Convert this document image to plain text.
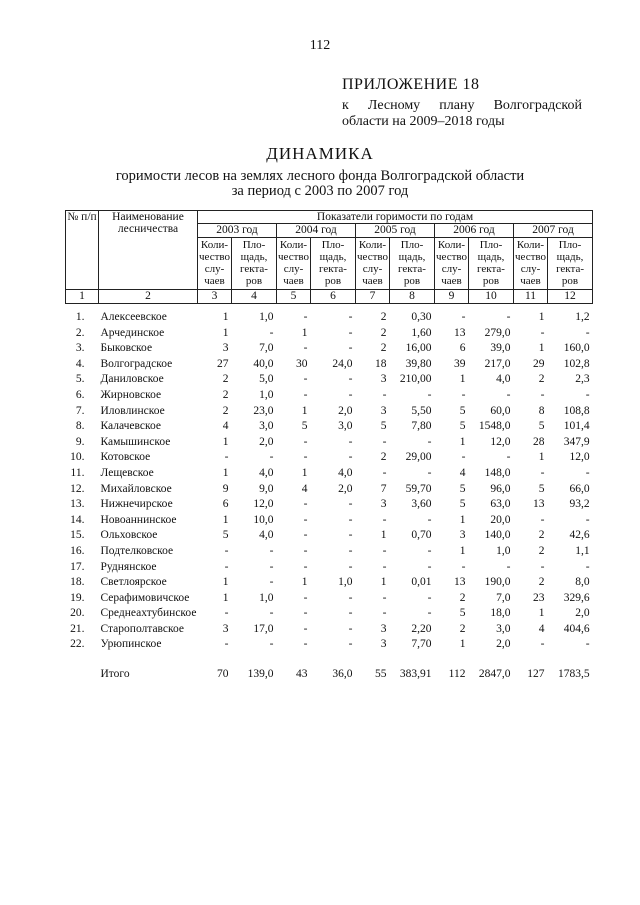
112
ПРИЛОЖЕНИЕ 18
к Лесному плану Волгоградской
области на 2009–2018 годы
ДИНАМИКА
горимости лесов на землях лесного фонда Волгоградской области
за период с 2003 по 2007 год
№ п/п	Наименование лесничества	Показатели горимости по годам									
		2003 год		2004 год		2005 год		2006 год		2007 год	
		Коли-чество слу-чаев	Пло-щадь, гекта-ров	Коли-чество слу-чаев	Пло-щадь, гекта-ров	Коли-чество слу-чаев	Пло-щадь, гекта-ров	Коли-чество слу-чаев	Пло-щадь, гекта-ров	Коли-чество слу-чаев	Пло-щадь, гекта-ров
1	2	3	4	5	6	7	8	9	10	11	12

1.	Алексеевское	1	1,0	-	-	2	0,30	-	-	1	1,2
2.	Арчединское	1	-	1	-	2	1,60	13	279,0	-	-
3.	Быковское	3	7,0	-	-	2	16,00	6	39,0	1	160,0
4.	Волгоградское	27	40,0	30	24,0	18	39,80	39	217,0	29	102,8
5.	Даниловское	2	5,0	-	-	3	210,00	1	4,0	2	2,3
6.	Жирновское	2	1,0	-	-	-	-	-	-	-	-
7.	Иловлинское	2	23,0	1	2,0	3	5,50	5	60,0	8	108,8
8.	Калачевское	4	3,0	5	3,0	5	7,80	5	1548,0	5	101,4
9.	Камышинское	1	2,0	-	-	-	-	1	12,0	28	347,9
10.	Котовское	-	-	-	-	2	29,00	-	-	1	12,0
11.	Лещевское	1	4,0	1	4,0	-	-	4	148,0	-	-
12.	Михайловское	9	9,0	4	2,0	7	59,70	5	96,0	5	66,0
13.	Нижнечирское	6	12,0	-	-	3	3,60	5	63,0	13	93,2
14.	Новоаннинское	1	10,0	-	-	-	-	1	20,0	-	-
15.	Ольховское	5	4,0	-	-	1	0,70	3	140,0	2	42,6
16.	Подтелковское	-	-	-	-	-	-	1	1,0	2	1,1
17.	Руднянское	-	-	-	-	-	-	-	-	-	-
18.	Светлоярское	1	-	1	1,0	1	0,01	13	190,0	2	8,0
19.	Серафимовичское	1	1,0	-	-	-	-	2	7,0	23	329,6
20.	Среднеахтубинское	-	-	-	-	-	-	5	18,0	1	2,0
21.	Старополтавское	3	17,0	-	-	3	2,20	2	3,0	4	404,6
22.	Урюпинское	-	-	-	-	3	7,70	1	2,0	-	-

	Итого	70	139,0	43	36,0	55	383,91	112	2847,0	127	1783,5
